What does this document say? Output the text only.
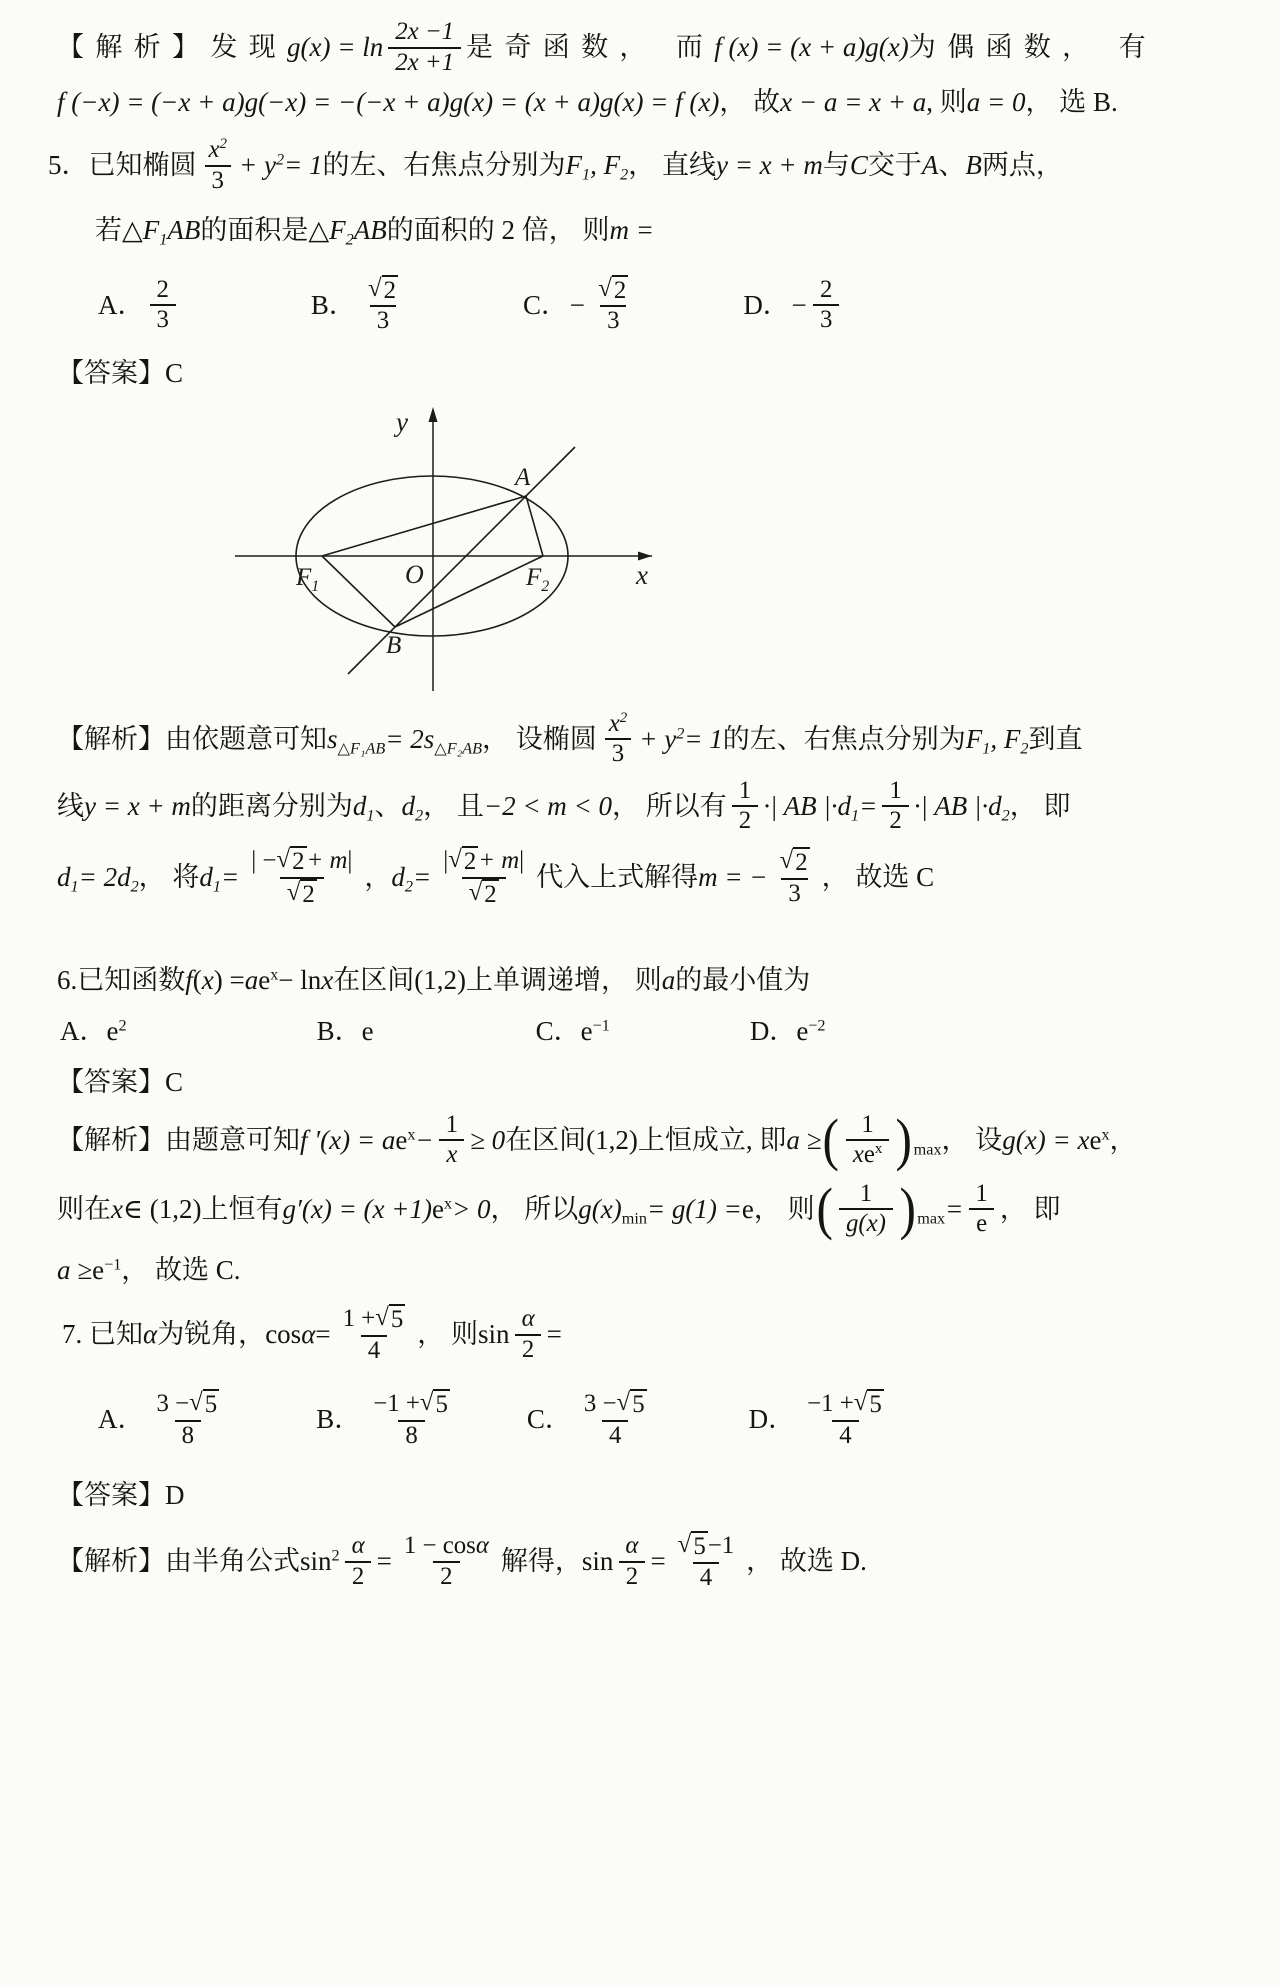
【解析】发现 $g(x) = \ln \frac{2x -1}{2x +1}$ 是奇函数， 而 f (x) = (x + a)g(x) 为偶函数， 有
f (−x) = (−x + a)g(−x) = −(−x + a)g(x) = (x + a)g(x) = f (x) ， 故 x − a = x + a , 则 a = 0 ， 选 B.
5．已知椭圆 $\frac{x^2}{3} + y^2 = 1$ 的左、右焦点分别为 $F_1$ , $F_2$ ， 直线 y = x + m 与 C 交于 A 、 B 两点，
若 $\triangle F_1$ AB 的面积是 $\triangle F_2$ AB 的面积的 2 倍， 则 m =
A． $\frac{2}{3}$	B． $\frac{√ 2}{3}$	C． − $\frac{√ 2}{3}$	D． − $\frac{2}{3}$
【答案】C
y
x
O
$F_1$	$F_2$
A
B
【解析】由依题意可知 $s_{\triangle F_1AB} = 2s_{\triangle F_2AB}$ ， 设椭圆 $\frac{x^2}{3} + y^2 = 1$ 的左、右焦点分别为 $F_1$ , $F_2$ 到直
线 y = x + m 的距离分别为 $d_1$ 、 $d_2$ ， 且 −2 < m < 0 ， 所以有 $\frac{1}{2}$ ·| AB $|\cdot d_1 = \frac{1}{2}$ ·| AB $|\cdot d_2$ ， 即
$d_1 = 2d_2$ ， 将 $d_1 = \frac{| - √ 2 + m |}{√ 2}$ ， $d_2 = \frac{| √ 2 + m |}{√ 2}$ 代入上式解得 m = − $\frac{√ 2}{3}$ ， 故选 C
6.已知函数 f ( x ) = a $e^x - \ln x$ 在区间 (1,2) 上单调递增， 则 a 的最小值为
A． $e^2$	B． e	C． $e^{-1}$	D． $e^{-2}$
【答案】C
【解析】由题意可知 f ′(x) = a $e^x - \frac{1}{x} \ge 0$ 在区间 (1,2) 上恒成立, 即 a ≥ ( $\frac{1}{x e^x}$ ) $_{max}$ ， 设 g(x) = x $e^x$ ，
则在 x ∈ (1,2) 上恒有 g′(x) = (x +1) $e^x > 0$ ， 所以 g(x) $_{min}$ = g(1) = e ， 则 ( $\frac{1}{g(x)}$ ) $_{max} = \frac{1}{e}$ ， 即
$a \ge e^{-1}$ ， 故选 C.
7. 已知 α 为锐角， $\cos \alpha = \frac{1 + √ 5}{4}$ ， 则 $\sin \frac{\alpha}{2}$ =
A． $\frac{3 - √ 5}{8}$	B． $\frac{-1 + √ 5}{8}$	C． $\frac{3 - √ 5}{4}$	D． $\frac{-1 + √ 5}{4}$
【答案】D
【解析】由半角公式 $\sin^2 \frac{\alpha}{2} = \frac{\text{1 − cos α}}{2}$ 解得， $\sin \frac{\alpha}{2} = \frac{√ 5 -1}{4}$ ， 故选 D.
